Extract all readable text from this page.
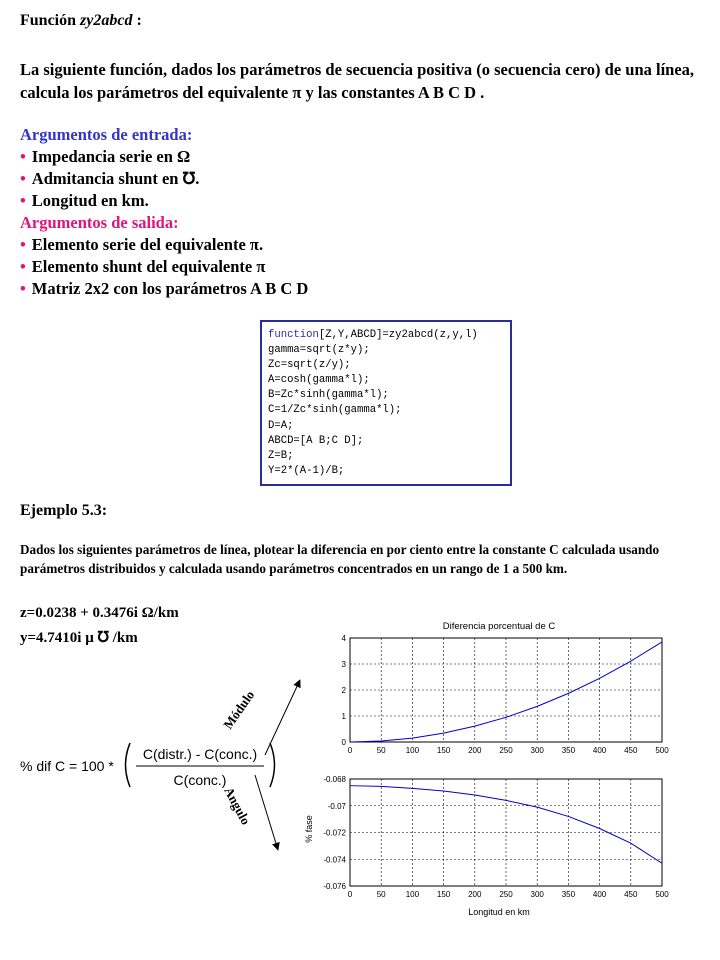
Función zy2abcd :
La siguiente función, dados los parámetros de secuencia positiva (o secuencia cero) de una línea, calcula los parámetros del equivalente π y las constantes A B C D .
Argumentos de entrada:
• Impedancia serie en Ω
• Admitancia shunt en ℧.
• Longitud en km.
Argumentos de salida:
• Elemento serie del equivalente π.
• Elemento shunt del equivalente π
• Matriz 2x2 con los parámetros A B C D
function[Z,Y,ABCD]=zy2abcd(z,y,l)
gamma=sqrt(z*y);
Zc=sqrt(z/y);
A=cosh(gamma*l);
B=Zc*sinh(gamma*l);
C=1/Zc*sinh(gamma*l);
D=A;
ABCD=[A B;C D];
Z=B;
Y=2*(A-1)/B;
Ejemplo 5.3:
Dados los siguientes parámetros de línea, plotear la diferencia en por ciento entre la constante C calculada usando parámetros distribuidos y calculada usando parámetros concentrados en un rango de 1 a 500 km.
z=0.0238 + 0.3476i Ω/km
y=4.7410i μ ℧ /km
% dif C = 100 *
C(distr.) - C(conc.)
C(conc.)
Módulo
Angulo
Diferencia porcentual de C
0	50	100 150 200 250 300 350 400 450 500
0
1
2
3
4
Longitud en km
% fase
0	50	100 150 200 250 300 350 400 450 500
-0.068
-0.07
-0.072
-0.074
-0.076
